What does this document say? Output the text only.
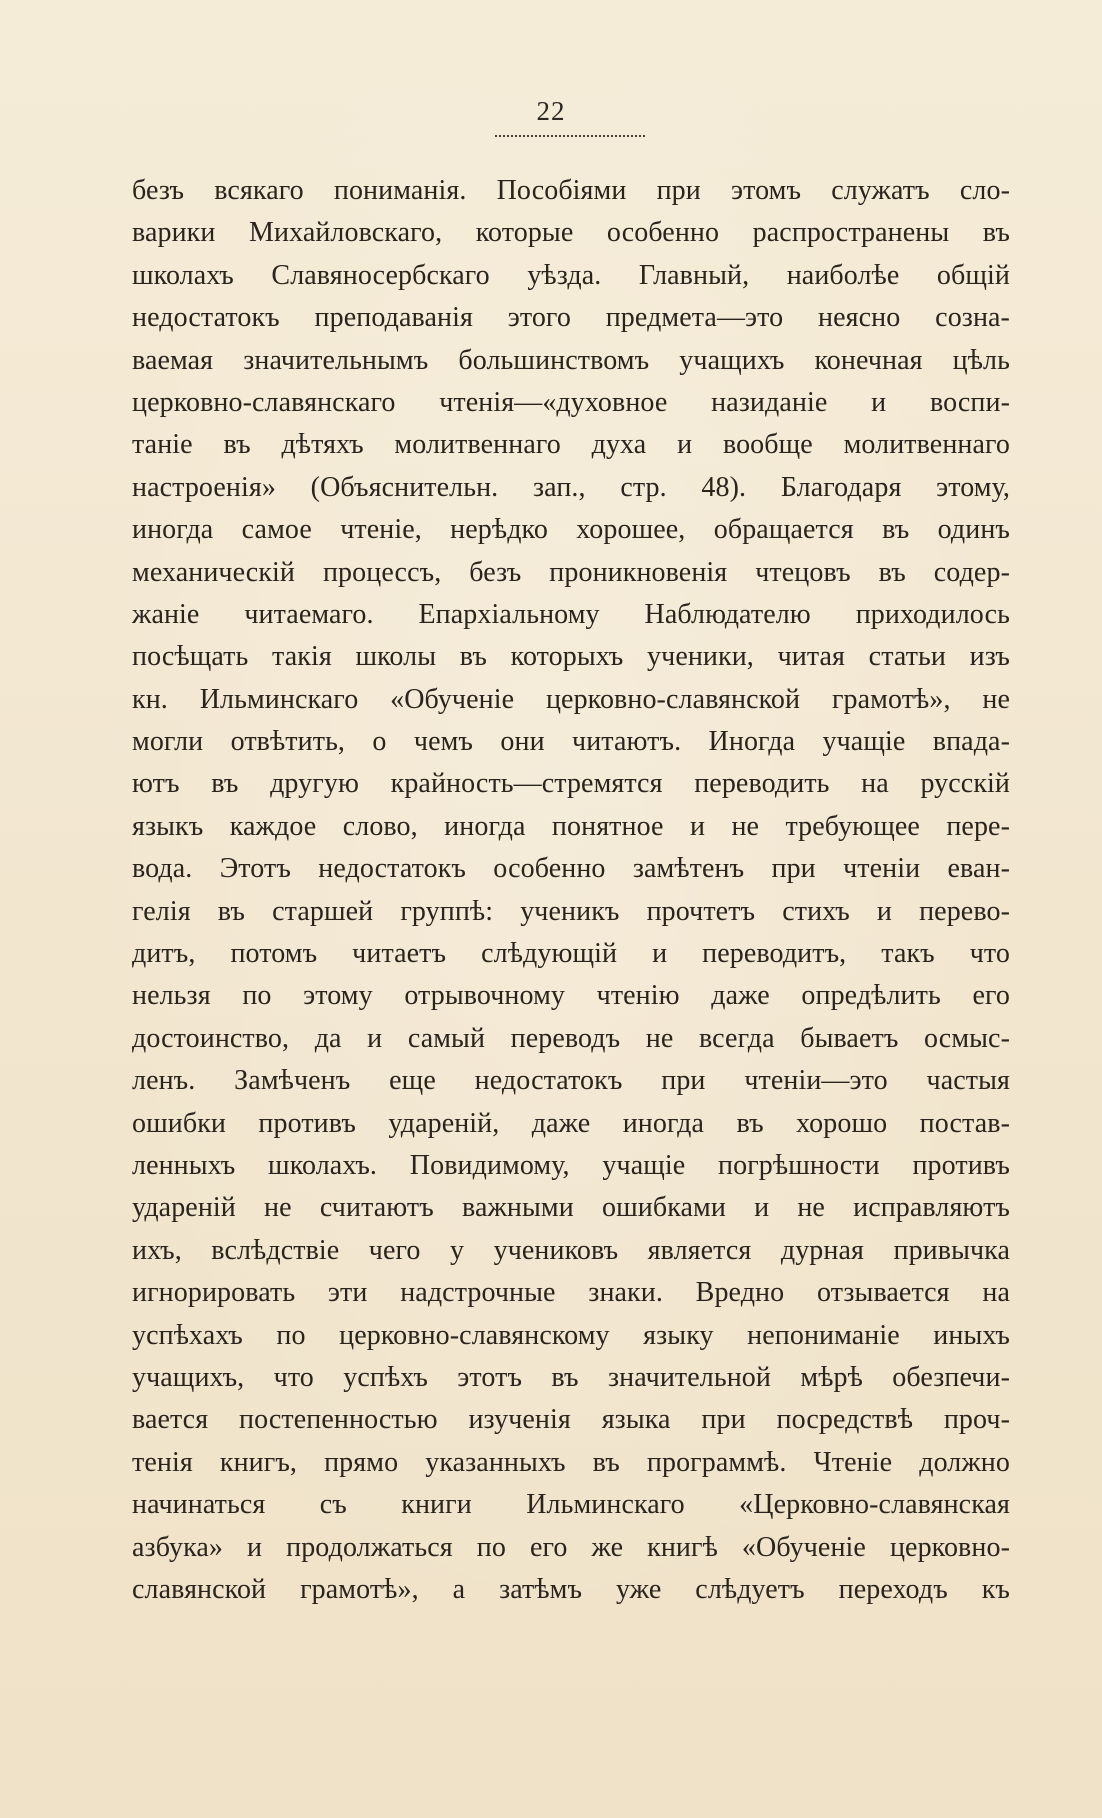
22
безъ всякаго пониманія. Пособіями при этомъ служатъ сло-
варики Михайловскаго, которые особенно распространены въ
школахъ Славяносербскаго уѣзда. Главный, наиболѣе общій
недостатокъ преподаванія этого предмета—это неясно созна-
ваемая значительнымъ большинствомъ учащихъ конечная цѣль
церковно-славянскаго чтенія—«духовное назиданіе и воспи-
таніе въ дѣтяхъ молитвеннаго духа и вообще молитвеннаго
настроенія» (Объяснительн. зап., стр. 48). Благодаря этому,
иногда самое чтеніе, нерѣдко хорошее, обращается въ одинъ
механическій процессъ, безъ проникновенія чтецовъ въ содер-
жаніе читаемаго. Епархіальному Наблюдателю приходилось
посѣщать такія школы въ которыхъ ученики, читая статьи изъ
кн. Ильминскаго «Обученіе церковно-славянской грамотѣ», не
могли отвѣтить, о чемъ они читаютъ. Иногда учащіе впада-
ютъ въ другую крайность—стремятся переводить на русскій
языкъ каждое слово, иногда понятное и не требующее пере-
вода. Этотъ недостатокъ особенно замѣтенъ при чтеніи еван-
гелія въ старшей группѣ: ученикъ прочтетъ стихъ и перево-
дитъ, потомъ читаетъ слѣдующій и переводитъ, такъ что
нельзя по этому отрывочному чтенію даже опредѣлить его
достоинство, да и самый переводъ не всегда бываетъ осмыс-
ленъ. Замѣченъ еще недостатокъ при чтеніи—это частыя
ошибки противъ удареній, даже иногда въ хорошо постав-
ленныхъ школахъ. Повидимому, учащіе погрѣшности противъ
удареній не считаютъ важными ошибками и не исправляютъ
ихъ, вслѣдствіе чего у учениковъ является дурная привычка
игнорировать эти надстрочные знаки. Вредно отзывается на
успѣхахъ по церковно-славянскому языку непониманіе иныхъ
учащихъ, что успѣхъ этотъ въ значительной мѣрѣ обезпечи-
вается постепенностью изученія языка при посредствѣ проч-
тенія книгъ, прямо указанныхъ въ программѣ. Чтеніе должно
начинаться съ книги Ильминскаго «Церковно-славянская
азбука» и продолжаться по его же книгѣ «Обученіе церковно-
славянской грамотѣ», а затѣмъ уже слѣдуетъ переходъ къ
